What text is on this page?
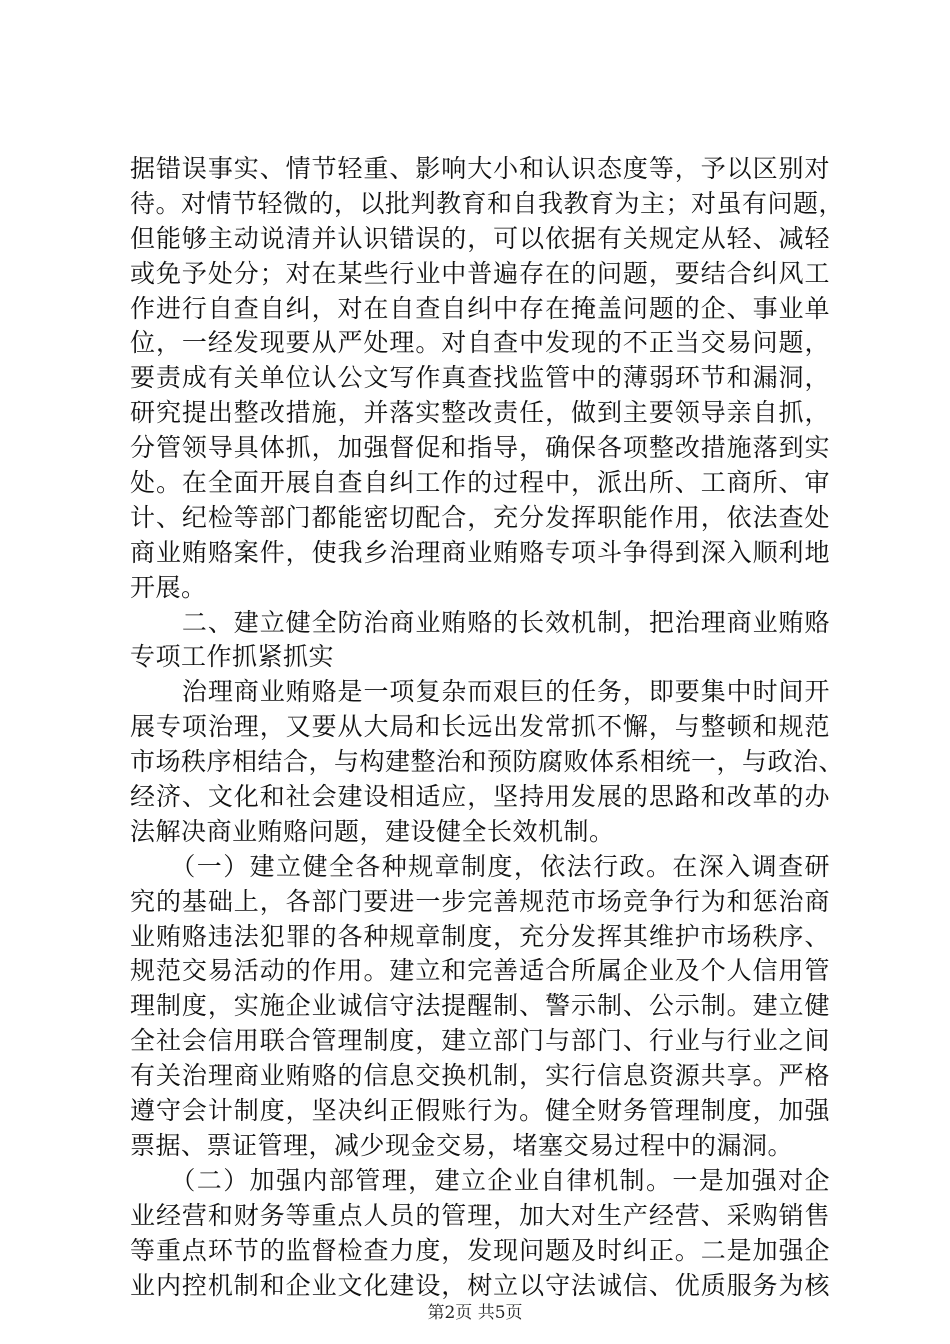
据错误事实、情节轻重、影响大小和认识态度等，予以区别对
待。对情节轻微的，以批判教育和自我教育为主；对虽有问题，
但能够主动说清并认识错误的，可以依据有关规定从轻、减轻
或免予处分；对在某些行业中普遍存在的问题，要结合纠风工
作进行自查自纠，对在自查自纠中存在掩盖问题的企、事业单
位，一经发现要从严处理。对自查中发现的不正当交易问题，
要责成有关单位认公文写作真查找监管中的薄弱环节和漏洞，
研究提出整改措施，并落实整改责任，做到主要领导亲自抓，
分管领导具体抓，加强督促和指导，确保各项整改措施落到实
处。在全面开展自查自纠工作的过程中，派出所、工商所、审
计、纪检等部门都能密切配合，充分发挥职能作用，依法查处
商业贿赂案件，使我乡治理商业贿赂专项斗争得到深入顺利地
开展。
　　二、建立健全防治商业贿赂的长效机制，把治理商业贿赂
专项工作抓紧抓实
　　治理商业贿赂是一项复杂而艰巨的任务，即要集中时间开
展专项治理，又要从大局和长远出发常抓不懈，与整顿和规范
市场秩序相结合，与构建整治和预防腐败体系相统一，与政治、
经济、文化和社会建设相适应，坚持用发展的思路和改革的办
法解决商业贿赂问题，建设健全长效机制。
　　（一）建立健全各种规章制度，依法行政。在深入调查研
究的基础上，各部门要进一步完善规范市场竞争行为和惩治商
业贿赂违法犯罪的各种规章制度，充分发挥其维护市场秩序、
规范交易活动的作用。建立和完善适合所属企业及个人信用管
理制度，实施企业诚信守法提醒制、警示制、公示制。建立健
全社会信用联合管理制度，建立部门与部门、行业与行业之间
有关治理商业贿赂的信息交换机制，实行信息资源共享。严格
遵守会计制度，坚决纠正假账行为。健全财务管理制度，加强
票据、票证管理，减少现金交易，堵塞交易过程中的漏洞。
　　（二）加强内部管理，建立企业自律机制。一是加强对企
业经营和财务等重点人员的管理，加大对生产经营、采购销售
等重点环节的监督检查力度，发现问题及时纠正。二是加强企
业内控机制和企业文化建设，树立以守法诚信、优质服务为核
第2页 共5页
